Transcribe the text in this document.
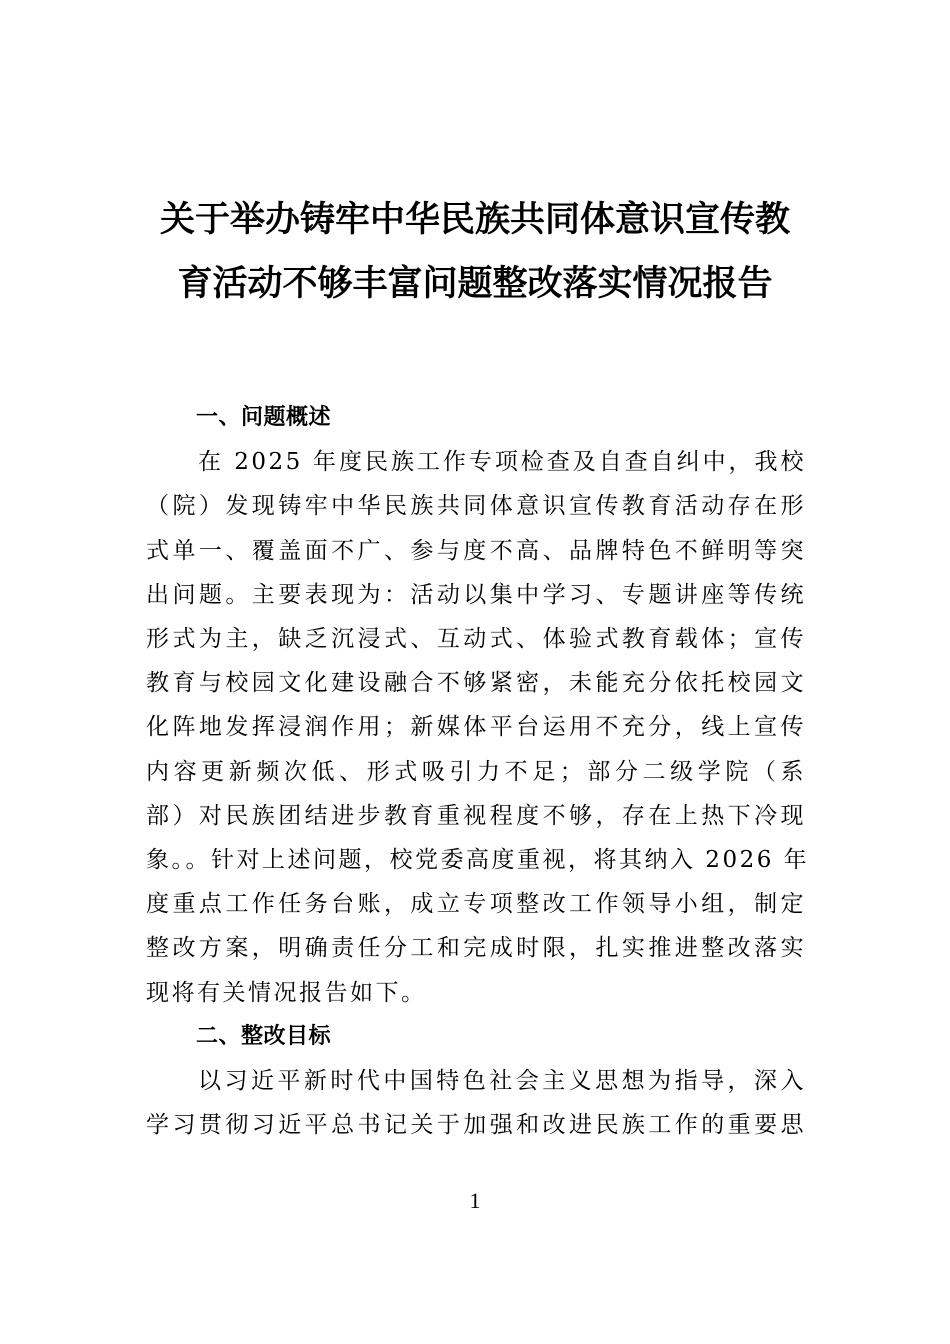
关于举办铸牢中华民族共同体意识宣传教
育活动不够丰富问题整改落实情况报告
一、问题概述
在 2025 年度民族工作专项检查及自查自纠中，我校
（院）发现铸牢中华民族共同体意识宣传教育活动存在形
式单一、覆盖面不广、参与度不高、品牌特色不鲜明等突
出问题。主要表现为：活动以集中学习、专题讲座等传统
形式为主，缺乏沉浸式、互动式、体验式教育载体；宣传
教育与校园文化建设融合不够紧密，未能充分依托校园文
化阵地发挥浸润作用；新媒体平台运用不充分，线上宣传
内容更新频次低、形式吸引力不足；部分二级学院（系
部）对民族团结进步教育重视程度不够，存在上热下冷现
象。。针对上述问题，校党委高度重视，将其纳入 2026 年
度重点工作任务台账，成立专项整改工作领导小组，制定
整改方案，明确责任分工和完成时限，扎实推进整改落实
现将有关情况报告如下。
二、整改目标
以习近平新时代中国特色社会主义思想为指导，深入
学习贯彻习近平总书记关于加强和改进民族工作的重要思
1
